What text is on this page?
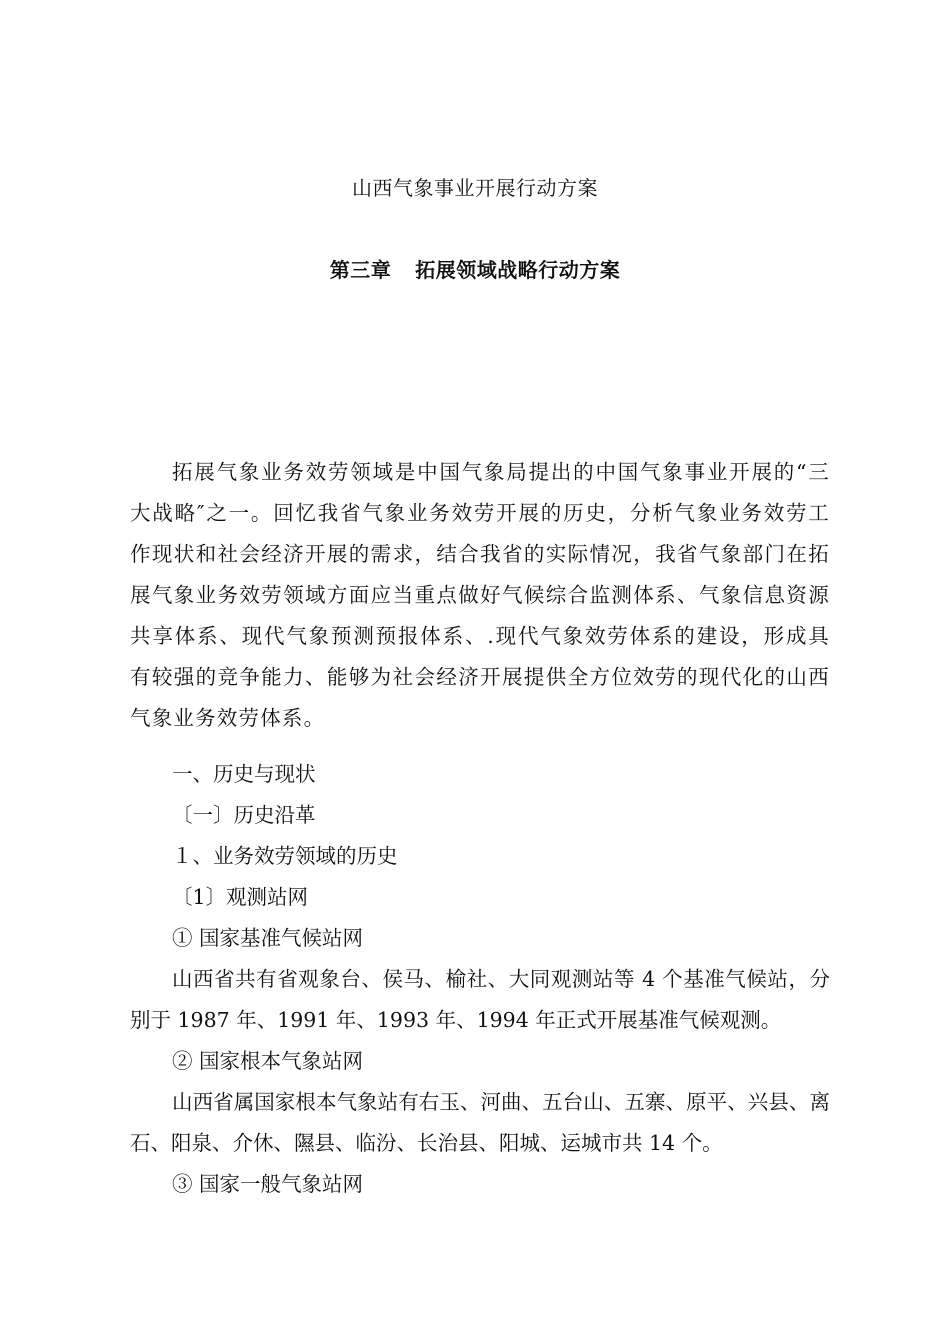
山西气象事业开展行动方案
第三章 拓展领域战略行动方案
拓展气象业务效劳领域是中国气象局提出的中国气象事业开展的“三大战略″之一。回忆我省气象业务效劳开展的历史，分析气象业务效劳工作现状和社会经济开展的需求，结合我省的实际情况，我省气象部门在拓展气象业务效劳领域方面应当重点做好气候综合监测体系、气象信息资源共享体系、现代气象预测预报体系、.现代气象效劳体系的建设，形成具有较强的竞争能力、能够为社会经济开展提供全方位效劳的现代化的山西气象业务效劳体系。
一、历史与现状
〔一〕历史沿革
１、业务效劳领域的历史
〔1〕观测站网
① 国家基准气候站网
山西省共有省观象台、侯马、榆社、大同观测站等 4 个基准气候站，分别于 1987 年、1991 年、1993 年、1994 年正式开展基准气候观测。
② 国家根本气象站网
山西省属国家根本气象站有右玉、河曲、五台山、五寨、原平、兴县、离石、阳泉、介休、隰县、临汾、长治县、阳城、运城市共 14 个。
③ 国家一般气象站网
